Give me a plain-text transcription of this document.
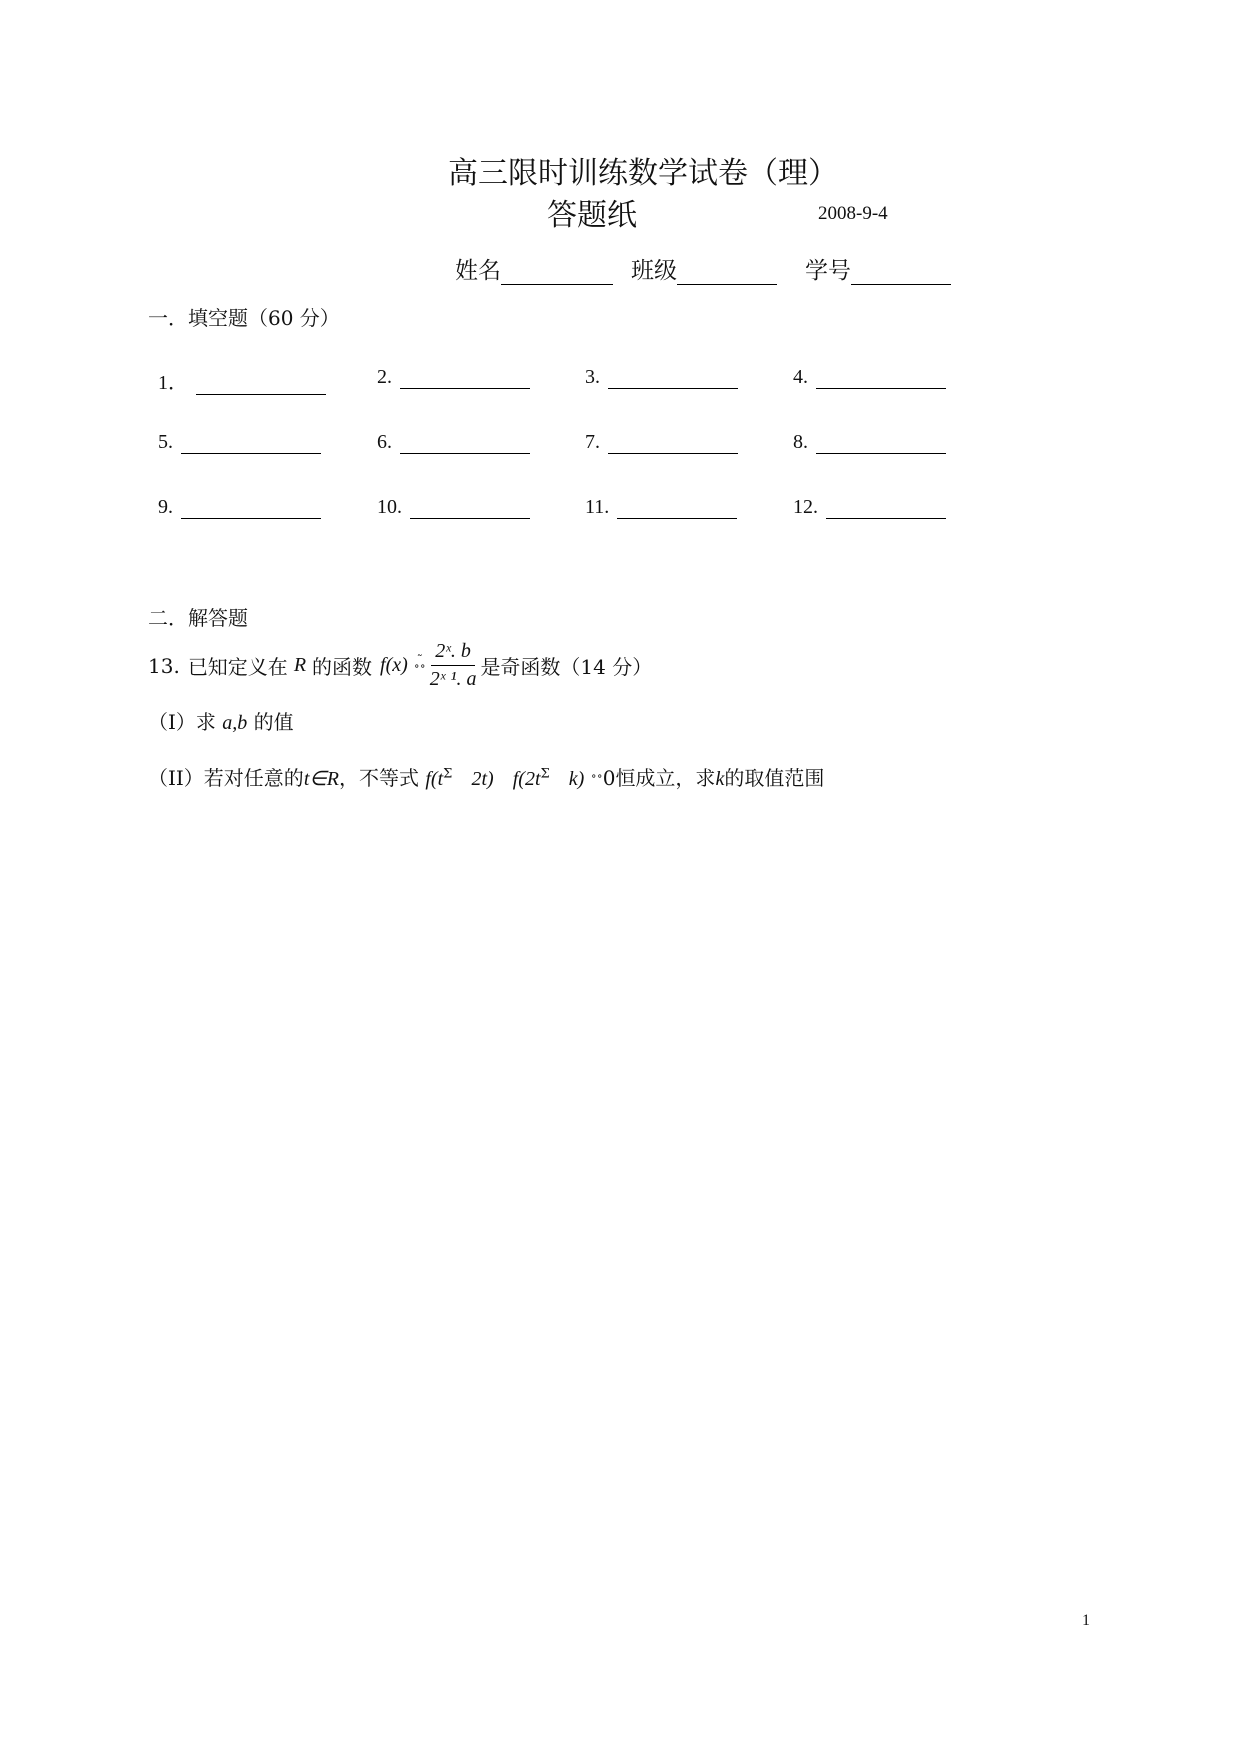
高三限时训练数学试卷（理）
答题纸	2008-9-4
姓名	班级	学号
一．填空题（60 分）
1．	2.	3.	4.
5.	6.	7.	8.
9.	10.	11.	12.
二．解答题
13. 已知定义在 R 的函数 f(x) ˜
˚˚ $\frac{\text{2ˣ. b}}{\text{2ˣ ¹. a}}$ 是奇函数（14 分）
（I）求 a,b 的值
（II）若对任意的t∈R，不等式 $f(t^\Sigma$ 2t) $f(2t^\Sigma$ k) ˚˚0恒成立，求k的取值范围
1
